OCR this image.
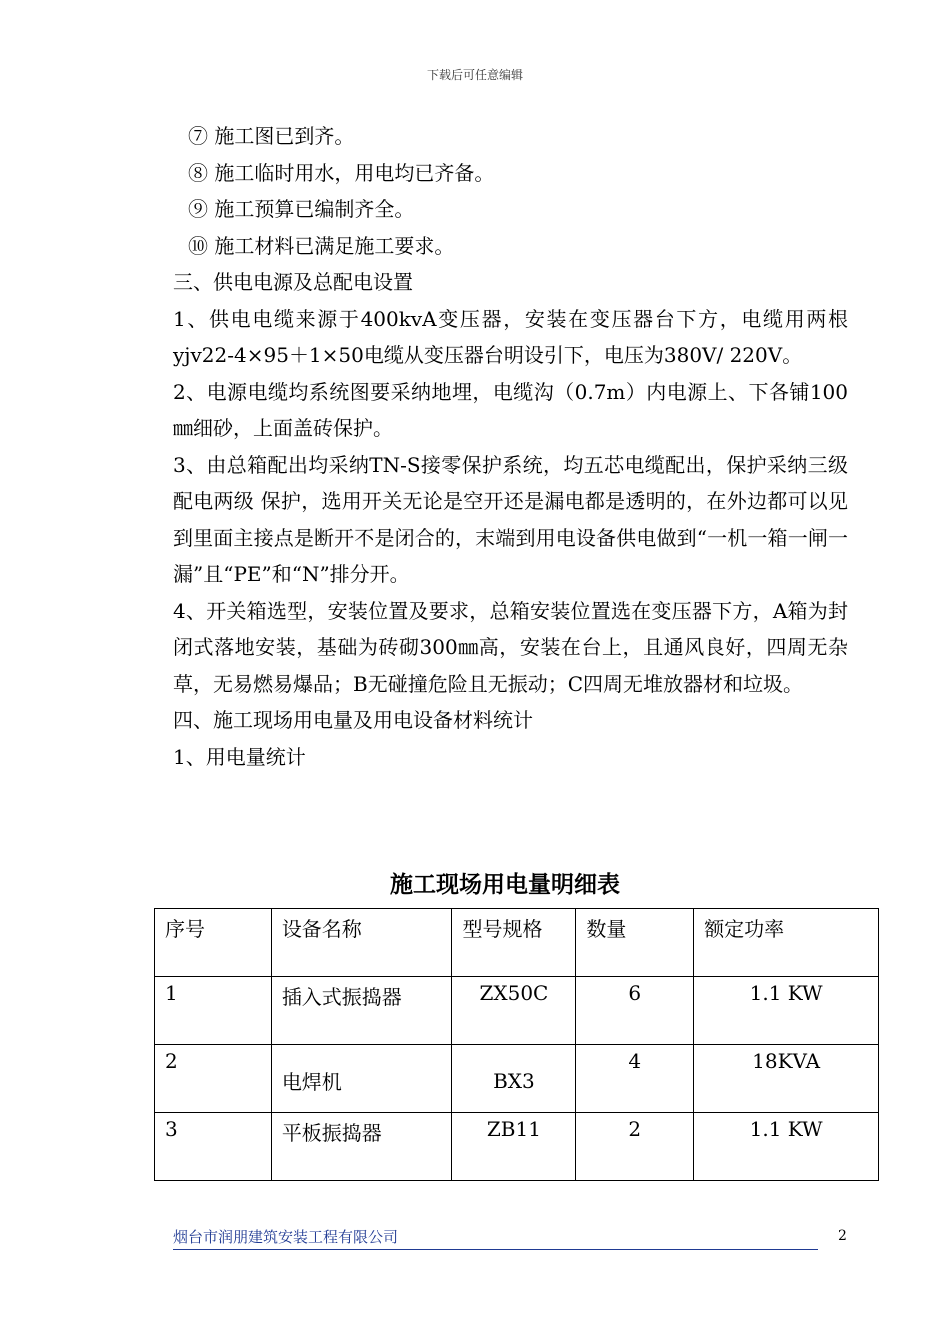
下载后可任意编辑

⑦ 施工图已到齐。

⑧ 施工临时用水，用电均已齐备。

⑨ 施工预算已编制齐全。

⑩ 施工材料已满足施工要求。

三、供电电源及总配电设置

1、供电电缆来源于400kvA变压器，安装在变压器台下方，电缆用两根yjv22-4×95＋1×50电缆从变压器台明设引下，电压为380V/ 220V。

2、电源电缆均系统图要采纳地埋，电缆沟（0.7m）内电源上、下各铺100㎜细砂，上面盖砖保护。

3、由总箱配出均采纳TN-S接零保护系统，均五芯电缆配出，保护采纳三级配电两级 保护，选用开关无论是空开还是漏电都是透明的，在外边都可以见到里面主接点是断开不是闭合的，末端到用电设备供电做到“一机一箱一闸一漏”且“PE”和“N”排分开。

4、开关箱选型，安装位置及要求，总箱安装位置选在变压器下方，A箱为封闭式落地安装，基础为砖砌300㎜高，安装在台上，且通风良好，四周无杂草，无易燃易爆品；B无碰撞危险且无振动；C四周无堆放器材和垃圾。

四、施工现场用电量及用电设备材料统计

1、用电量统计

施工现场用电量明细表
序号	设备名称	型号规格	数量	额定功率
1	插入式振捣器	ZX50C	6	1.1 KW
2	电焊机	BX3	4	18KVA
3	平板振捣器	ZB11	2	1.1 KW
烟台市润朋建筑安装工程有限公司	2
